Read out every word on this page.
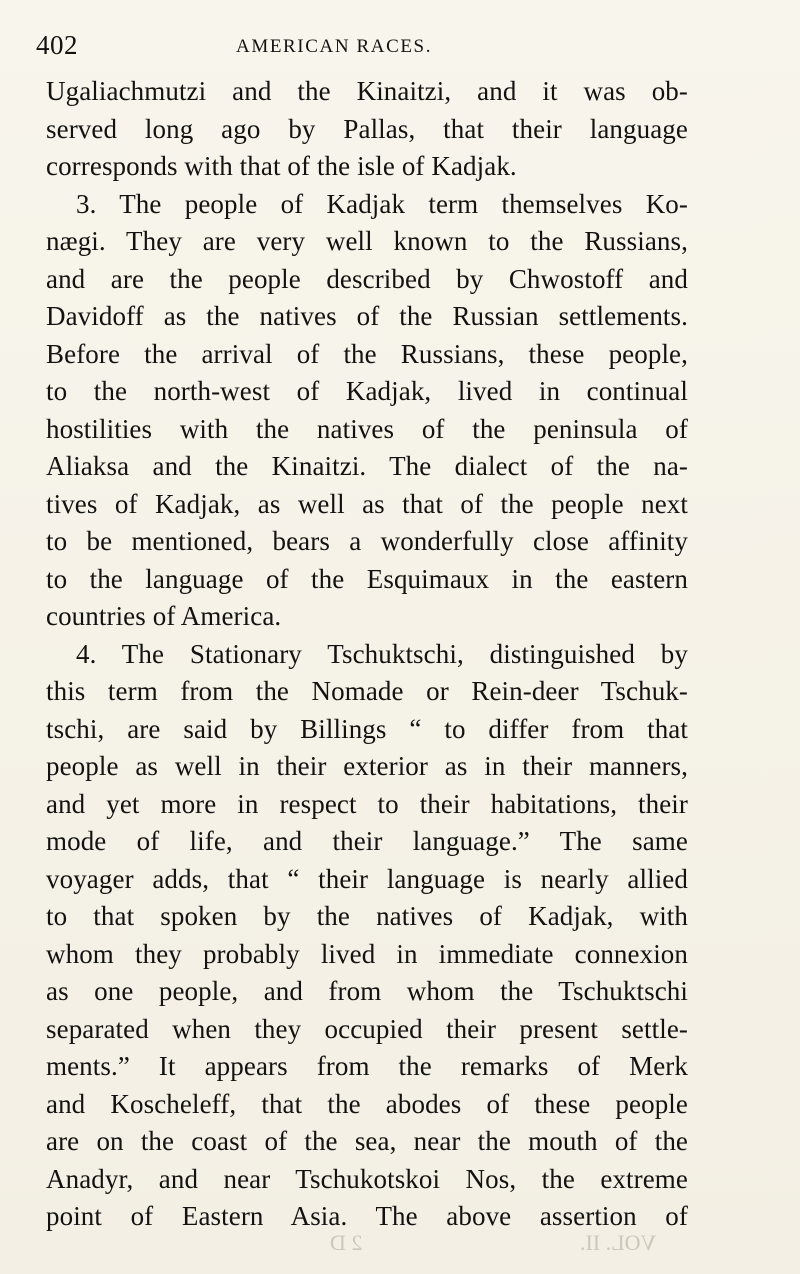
402	AMERICAN RACES.
Ugaliachmutzi and the Kinaitzi, and it was ob-
served long ago by Pallas, that their language
corresponds with that of the isle of Kadjak.
3. The people of Kadjak term themselves Ko-
nægi. They are very well known to the Russians,
and are the people described by Chwostoff and
Davidoff as the natives of the Russian settlements.
Before the arrival of the Russians, these people,
to the north-west of Kadjak, lived in continual
hostilities with the natives of the peninsula of
Aliaksa and the Kinaitzi. The dialect of the na-
tives of Kadjak, as well as that of the people next
to be mentioned, bears a wonderfully close affinity
to the language of the Esquimaux in the eastern
countries of America.
4. The Stationary Tschuktschi, distinguished by
this term from the Nomade or Rein-deer Tschuk-
tschi, are said by Billings “ to differ from that
people as well in their exterior as in their manners,
and yet more in respect to their habitations, their
mode of life, and their language.” The same
voyager adds, that “ their language is nearly allied
to that spoken by the natives of Kadjak, with
whom they probably lived in immediate connexion
as one people, and from whom the Tschuktschi
separated when they occupied their present settle-
ments.” It appears from the remarks of Merk
and Koscheleff, that the abodes of these people
are on the coast of the sea, near the mouth of the
Anadyr, and near Tschukotskoi Nos, the extreme
point of Eastern Asia. The above assertion of
2 D	VOL. II.
